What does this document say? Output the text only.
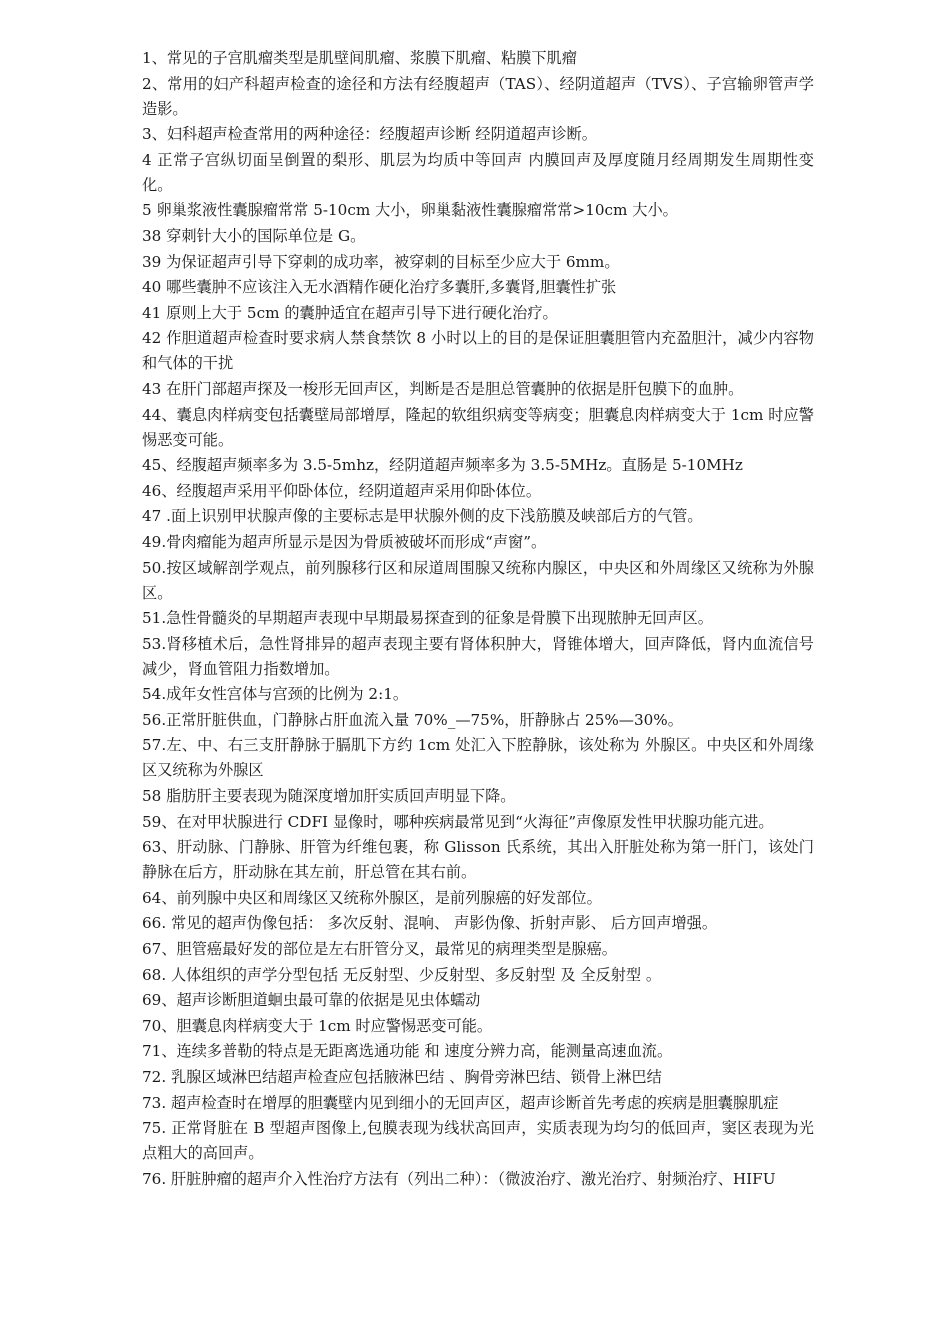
1、常见的子宫肌瘤类型是肌壁间肌瘤、浆膜下肌瘤、粘膜下肌瘤

2、常用的妇产科超声检查的途径和方法有经腹超声（TAS）、经阴道超声（TVS）、子宫输卵管声学造影。

3、妇科超声检查常用的两种途径：经腹超声诊断 经阴道超声诊断。

4 正常子宫纵切面呈倒置的梨形、肌层为均质中等回声 内膜回声及厚度随月经周期发生周期性变化。

5 卵巢浆液性囊腺瘤常常 5-10cm 大小，卵巢黏液性囊腺瘤常常>10cm 大小。

38 穿刺针大小的国际单位是 G。

39 为保证超声引导下穿刺的成功率，被穿刺的目标至少应大于 6mm。

40 哪些囊肿不应该注入无水酒精作硬化治疗多囊肝,多囊肾,胆囊性扩张

41 原则上大于 5cm 的囊肿适宜在超声引导下进行硬化治疗。

42 作胆道超声检查时要求病人禁食禁饮 8 小时以上的目的是保证胆囊胆管内充盈胆汁，减少内容物和气体的干扰

43 在肝门部超声探及一梭形无回声区，判断是否是胆总管囊肿的依据是肝包膜下的血肿。

44、囊息肉样病变包括囊壁局部增厚，隆起的软组织病变等病变；胆囊息肉样病变大于 1cm 时应警惕恶变可能。

45、经腹超声频率多为 3.5-5mhz，经阴道超声频率多为 3.5-5MHz。直肠是 5-10MHz

46、经腹超声采用平仰卧体位，经阴道超声采用仰卧体位。

47 .面上识别甲状腺声像的主要标志是甲状腺外侧的皮下浅筋膜及峡部后方的气管。

49.骨肉瘤能为超声所显示是因为骨质被破坏而形成“声窗”。

50.按区域解剖学观点，前列腺移行区和尿道周围腺又统称内腺区，中央区和外周缘区又统称为外腺区。

51.急性骨髓炎的早期超声表现中早期最易探查到的征象是骨膜下出现脓肿无回声区。

53.肾移植术后，急性肾排异的超声表现主要有肾体积肿大，肾锥体增大，回声降低，肾内血流信号减少，肾血管阻力指数增加。

54.成年女性宫体与宫颈的比例为 2:1。

56.正常肝脏供血，门静脉占肝血流入量 70%_—75%，肝静脉占 25%—30%。

57.左、中、右三支肝静脉于膈肌下方约 1cm 处汇入下腔静脉，该处称为 外腺区。中央区和外周缘区又统称为外腺区

58 脂肪肝主要表现为随深度增加肝实质回声明显下降。

59、在对甲状腺进行 CDFI 显像时，哪种疾病最常见到“火海征”声像原发性甲状腺功能亢进。

63、肝动脉、门静脉、肝管为纤维包裹，称 Glisson 氏系统，其出入肝脏处称为第一肝门，该处门静脉在后方，肝动脉在其左前，肝总管在其右前。

64、前列腺中央区和周缘区又统称外腺区，是前列腺癌的好发部位。

66. 常见的超声伪像包括： 多次反射、混响、 声影伪像、折射声影、 后方回声增强。

67、胆管癌最好发的部位是左右肝管分叉，最常见的病理类型是腺癌。

68. 人体组织的声学分型包括 无反射型、少反射型、多反射型 及 全反射型 。

69、超声诊断胆道蛔虫最可靠的依据是见虫体蠕动

70、胆囊息肉样病变大于 1cm 时应警惕恶变可能。

71、连续多普勒的特点是无距离选通功能 和 速度分辨力高，能测量高速血流。

72. 乳腺区域淋巴结超声检查应包括腋淋巴结 、胸骨旁淋巴结、锁骨上淋巴结

73. 超声检查时在增厚的胆囊壁内见到细小的无回声区，超声诊断首先考虑的疾病是胆囊腺肌症

75. 正常肾脏在 B 型超声图像上,包膜表现为线状高回声，实质表现为均匀的低回声，窦区表现为光点粗大的高回声。

76. 肝脏肿瘤的超声介入性治疗方法有（列出二种）：（微波治疗、激光治疗、射频治疗、HIFU
